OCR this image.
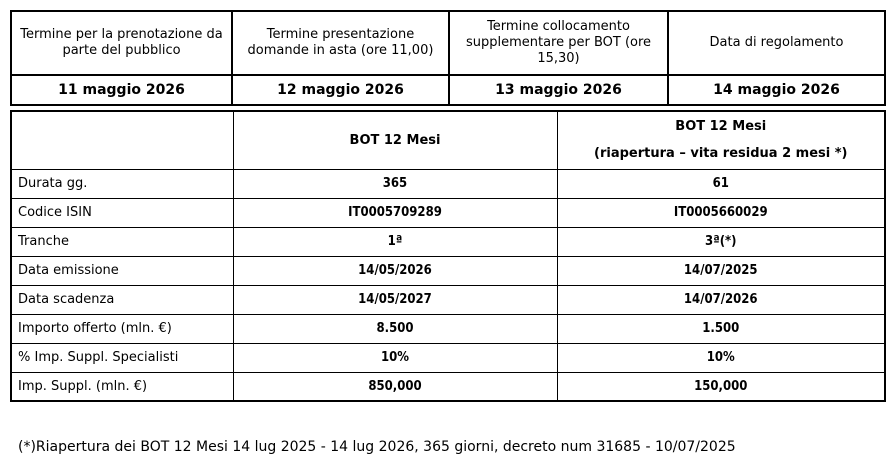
Termine per la prenotazione da parte del pubblico	Termine presentazione domande in asta (ore 11,00)	Termine collocamento supplementare per BOT (ore 15,30)	Data di regolamento
11 maggio 2026	12 maggio 2026	13 maggio 2026	14 maggio 2026
	BOT 12 Mesi	BOT 12 Mesi
(riapertura – vita residua 2 mesi *)

Durata gg.	365	61
Codice ISIN	IT0005709289	IT0005660029
Tranche	1ª	3ª(*)
Data emissione	14/05/2026	14/07/2025
Data scadenza	14/05/2027	14/07/2026
Importo offerto (mln. €)	8.500	1.500
% Imp. Suppl. Specialisti	10%	10%
Imp. Suppl. (mln. €)	850,000	150,000
(*)Riapertura dei BOT 12 Mesi 14 lug 2025 - 14 lug 2026, 365 giorni, decreto num 31685 - 10/07/2025
